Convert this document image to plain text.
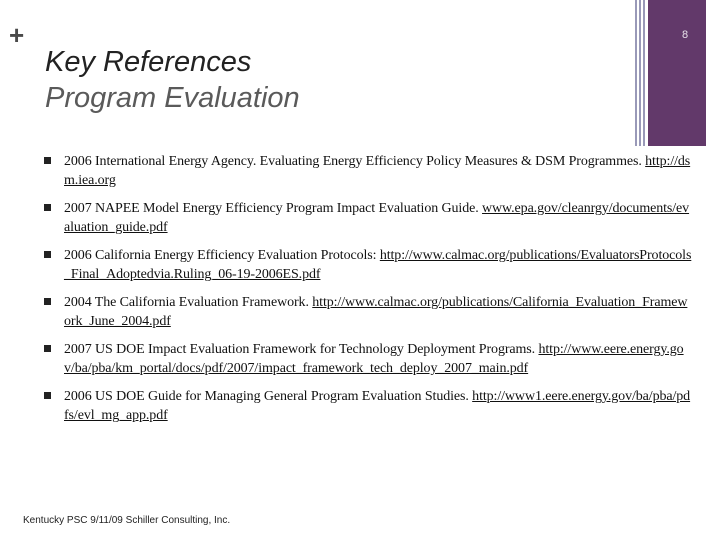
+	8
Key References
Program Evaluation
2006 International Energy Agency. Evaluating Energy Efficiency Policy Measures & DSM Programmes. http://dsm.iea.org
2007 NAPEE Model Energy Efficiency Program Impact Evaluation Guide. www.epa.gov/cleanrgy/documents/evaluation_guide.pdf
2006 California Energy Efficiency Evaluation Protocols: http://www.calmac.org/publications/EvaluatorsProtocols_Final_Adoptedvia.Ruling_06-19-2006ES.pdf
2004 The California Evaluation Framework. http://www.calmac.org/publications/California_Evaluation_Framework_June_2004.pdf
2007 US DOE Impact Evaluation Framework for Technology Deployment Programs. http://www.eere.energy.gov/ba/pba/km_portal/docs/pdf/2007/impact_framework_tech_deploy_2007_main.pdf
2006 US DOE Guide for Managing General Program Evaluation Studies. http://www1.eere.energy.gov/ba/pba/pdfs/evl_mg_app.pdf
Kentucky PSC 9/11/09 Schiller Consulting, Inc.
